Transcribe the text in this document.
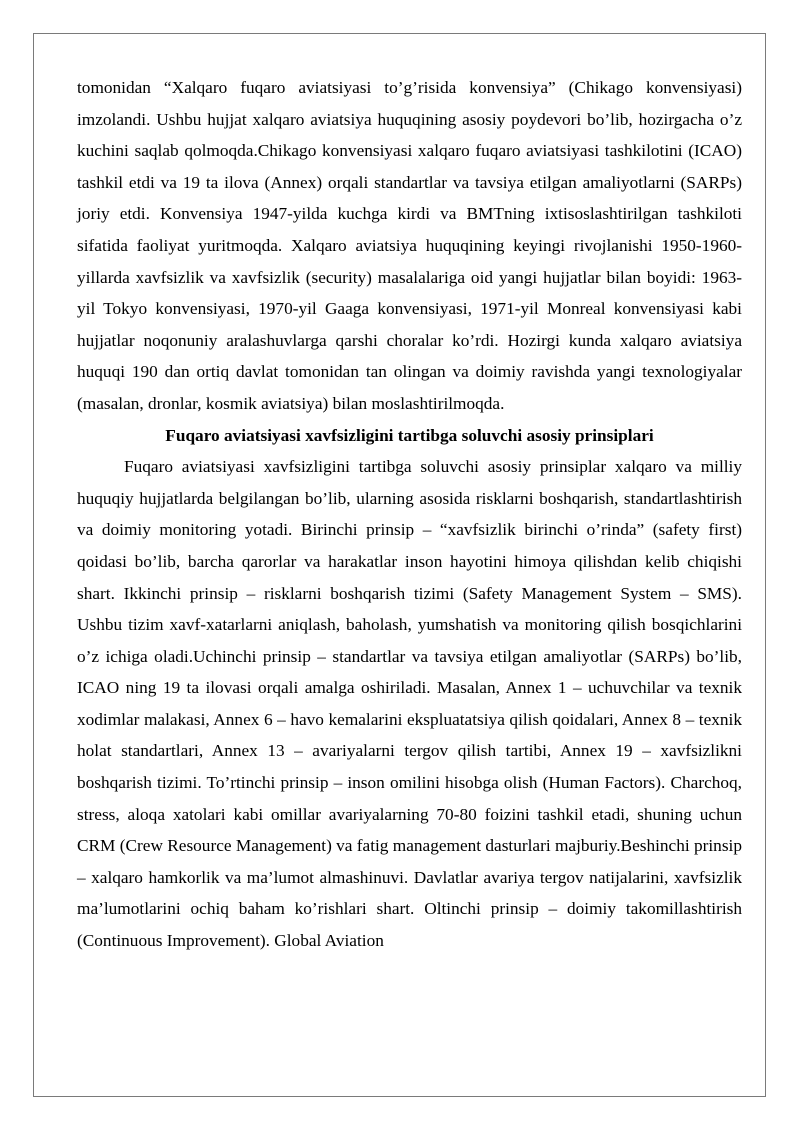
tomonidan “Xalqaro fuqaro aviatsiyasi to’g’risida konvensiya” (Chikago konvensiyasi) imzolandi. Ushbu hujjat xalqaro aviatsiya huquqining asosiy poydevori bo’lib, hozirgacha o’z kuchini saqlab qolmoqda.Chikago konvensiyasi xalqaro fuqaro aviatsiyasi tashkilotini (ICAO) tashkil etdi va 19 ta ilova (Annex) orqali standartlar va tavsiya etilgan amaliyotlarni (SARPs) joriy etdi. Konvensiya 1947-yilda kuchga kirdi va BMTning ixtisoslashtirilgan tashkiloti sifatida faoliyat yuritmoqda. Xalqaro aviatsiya huquqining keyingi rivojlanishi 1950-1960-yillarda xavfsizlik va xavfsizlik (security) masalalariga oid yangi hujjatlar bilan boyidi: 1963-yil Tokyo konvensiyasi, 1970-yil Gaaga konvensiyasi, 1971-yil Monreal konvensiyasi kabi hujjatlar noqonuniy aralashuvlarga qarshi choralar ko’rdi. Hozirgi kunda xalqaro aviatsiya huquqi 190 dan ortiq davlat tomonidan tan olingan va doimiy ravishda yangi texnologiyalar (masalan, dronlar, kosmik aviatsiya) bilan moslashtirilmoqda.

Fuqaro aviatsiyasi xavfsizligini tartibga soluvchi asosiy prinsiplari

Fuqaro aviatsiyasi xavfsizligini tartibga soluvchi asosiy prinsiplar xalqaro va milliy huquqiy hujjatlarda belgilangan bo’lib, ularning asosida risklarni boshqarish, standartlashtirish va doimiy monitoring yotadi. Birinchi prinsip – “xavfsizlik birinchi o’rinda” (safety first) qoidasi bo’lib, barcha qarorlar va harakatlar inson hayotini himoya qilishdan kelib chiqishi shart. Ikkinchi prinsip – risklarni boshqarish tizimi (Safety Management System – SMS). Ushbu tizim xavf-xatarlarni aniqlash, baholash, yumshatish va monitoring qilish bosqichlarini o’z ichiga oladi.Uchinchi prinsip – standartlar va tavsiya etilgan amaliyotlar (SARPs) bo’lib, ICAO ning 19 ta ilovasi orqali amalga oshiriladi. Masalan, Annex 1 – uchuvchilar va texnik xodimlar malakasi, Annex 6 – havo kemalarini ekspluatatsiya qilish qoidalari, Annex 8 – texnik holat standartlari, Annex 13 – avariyalarni tergov qilish tartibi, Annex 19 – xavfsizlikni boshqarish tizimi. To’rtinchi prinsip – inson omilini hisobga olish (Human Factors). Charchoq, stress, aloqa xatolari kabi omillar avariyalarning 70-80 foizini tashkil etadi, shuning uchun CRM (Crew Resource Management) va fatig management dasturlari majburiy.Beshinchi prinsip – xalqaro hamkorlik va ma’lumot almashinuvi. Davlatlar avariya tergov natijalarini, xavfsizlik ma’lumotlarini ochiq baham ko’rishlari shart. Oltinchi prinsip – doimiy takomillashtirish (Continuous Improvement). Global Aviation
